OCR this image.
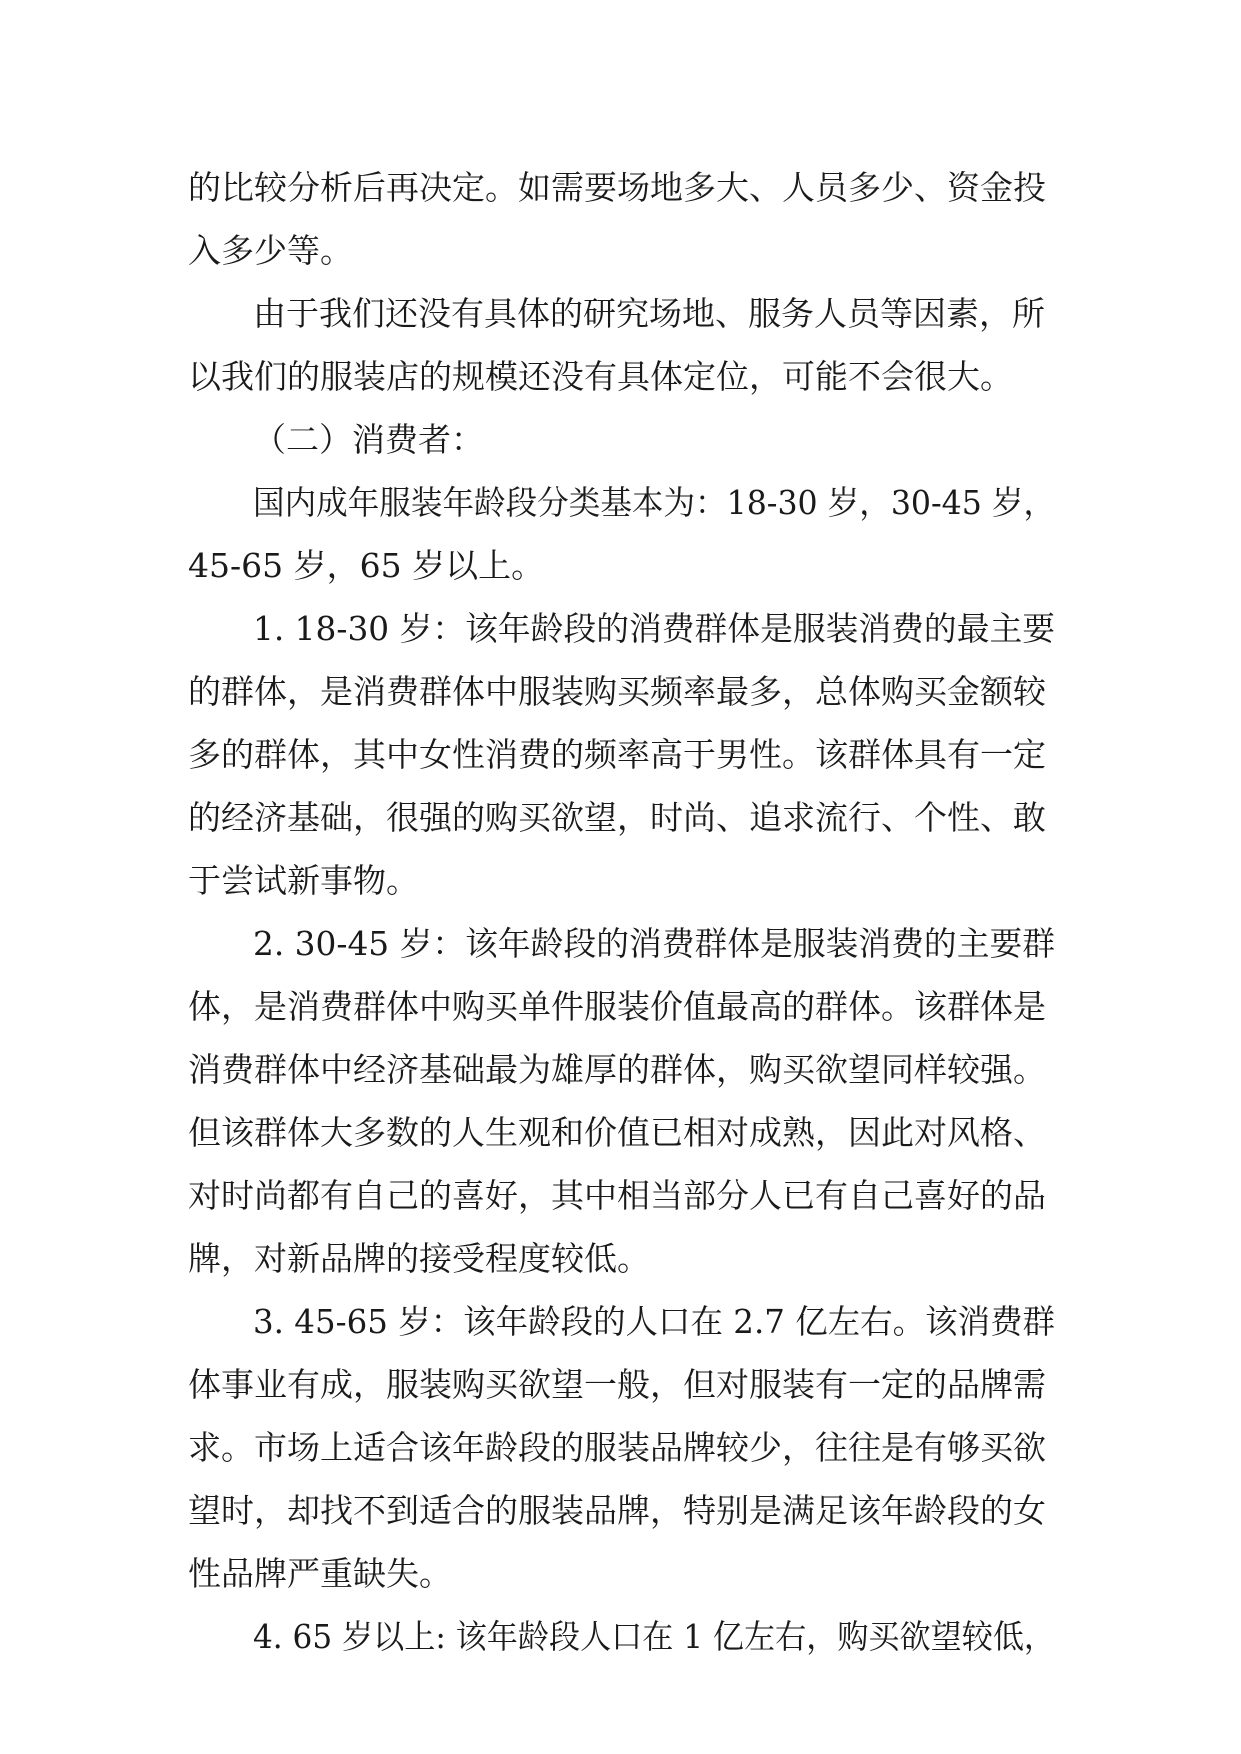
的比较分析后再决定。如需要场地多大、人员多少、资金投
入多少等。
由于我们还没有具体的研究场地、服务人员等因素，所
以我们的服装店的规模还没有具体定位，可能不会很大。
（二）消费者：
国内成年服装年龄段分类基本为：18-30 岁，30-45 岁，
45-65 岁，65 岁以上。
1. 18-30 岁：该年龄段的消费群体是服装消费的最主要
的群体，是消费群体中服装购买频率最多，总体购买金额较
多的群体，其中女性消费的频率高于男性。该群体具有一定
的经济基础，很强的购买欲望，时尚、追求流行、个性、敢
于尝试新事物。
2. 30-45 岁：该年龄段的消费群体是服装消费的主要群
体，是消费群体中购买单件服装价值最高的群体。该群体是
消费群体中经济基础最为雄厚的群体，购买欲望同样较强。
但该群体大多数的人生观和价值已相对成熟，因此对风格、
对时尚都有自己的喜好，其中相当部分人已有自己喜好的品
牌，对新品牌的接受程度较低。
3. 45-65 岁：该年龄段的人口在 2.7 亿左右。该消费群
体事业有成，服装购买欲望一般，但对服装有一定的品牌需
求。市场上适合该年龄段的服装品牌较少，往往是有够买欲
望时，却找不到适合的服装品牌，特别是满足该年龄段的女
性品牌严重缺失。
4. 65 岁以上: 该年龄段人口在 1 亿左右，购买欲望较低，
